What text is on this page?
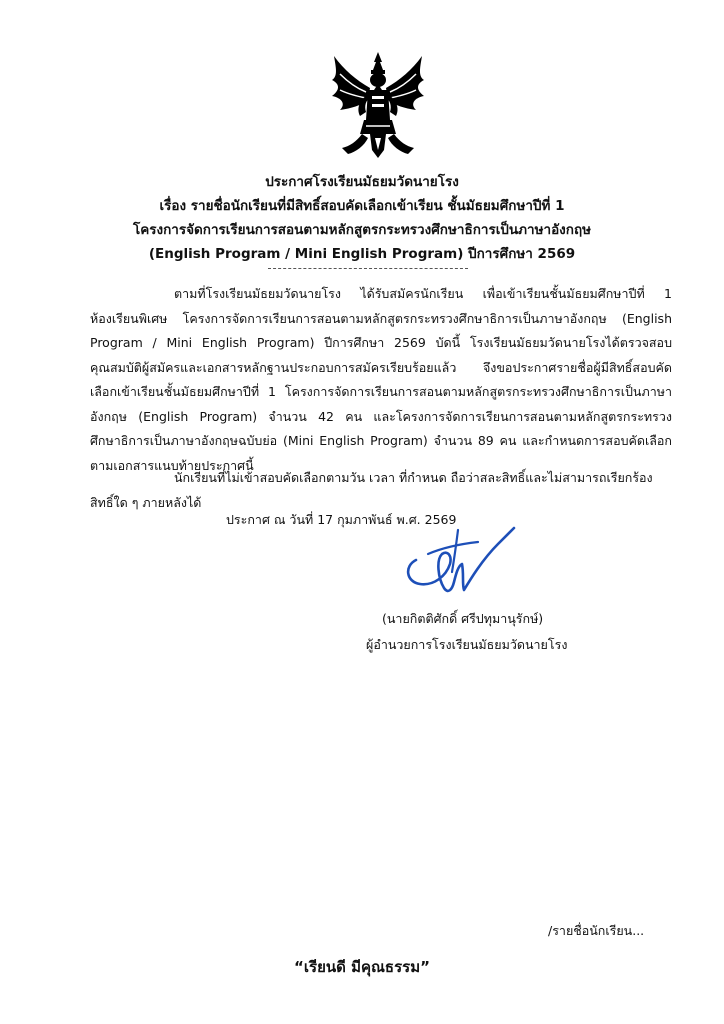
ประกาศโรงเรียนมัธยมวัดนายโรง
เรื่อง รายชื่อนักเรียนที่มีสิทธิ์สอบคัดเลือกเข้าเรียน ชั้นมัธยมศึกษาปีที่ 1
โครงการจัดการเรียนการสอนตามหลักสูตรกระทรวงศึกษาธิการเป็นภาษาอังกฤษ
(English Program / Mini English Program) ปีการศึกษา 2569

ตามที่โรงเรียนมัธยมวัดนายโรง ได้รับสมัครนักเรียน เพื่อเข้าเรียนชั้นมัธยมศึกษาปีที่ 1 ห้องเรียนพิเศษ โครงการจัดการเรียนการสอนตามหลักสูตรกระทรวงศึกษาธิการเป็นภาษาอังกฤษ (English Program / Mini English Program) ปีการศึกษา 2569 บัดนี้ โรงเรียนมัธยมวัดนายโรงได้ตรวจสอบคุณสมบัติผู้สมัครและเอกสารหลักฐานประกอบการสมัครเรียบร้อยแล้ว จึงขอประกาศรายชื่อผู้มีสิทธิ์สอบคัดเลือกเข้าเรียนชั้นมัธยมศึกษาปีที่ 1 โครงการจัดการเรียนการสอนตามหลักสูตรกระทรวงศึกษาธิการเป็นภาษาอังกฤษ (English Program) จำนวน 42 คน และโครงการจัดการเรียนการสอนตามหลักสูตรกระทรวงศึกษาธิการเป็นภาษาอังกฤษฉบับย่อ (Mini English Program) จำนวน 89 คน และกำหนดการสอบคัดเลือกตามเอกสารแนบท้ายประกาศนี้

นักเรียนที่ไม่เข้าสอบคัดเลือกตามวัน เวลา ที่กำหนด ถือว่าสละสิทธิ์และไม่สามารถเรียกร้องสิทธิ์ใด ๆ ภายหลังได้

ประกาศ ณ วันที่ 17 กุมภาพันธ์ พ.ศ. 2569
(นายกิตติศักดิ์ ศรีปทุมานุรักษ์)
ผู้อำนวยการโรงเรียนมัธยมวัดนายโรง
/รายชื่อนักเรียน...
“เรียนดี มีคุณธรรม”
